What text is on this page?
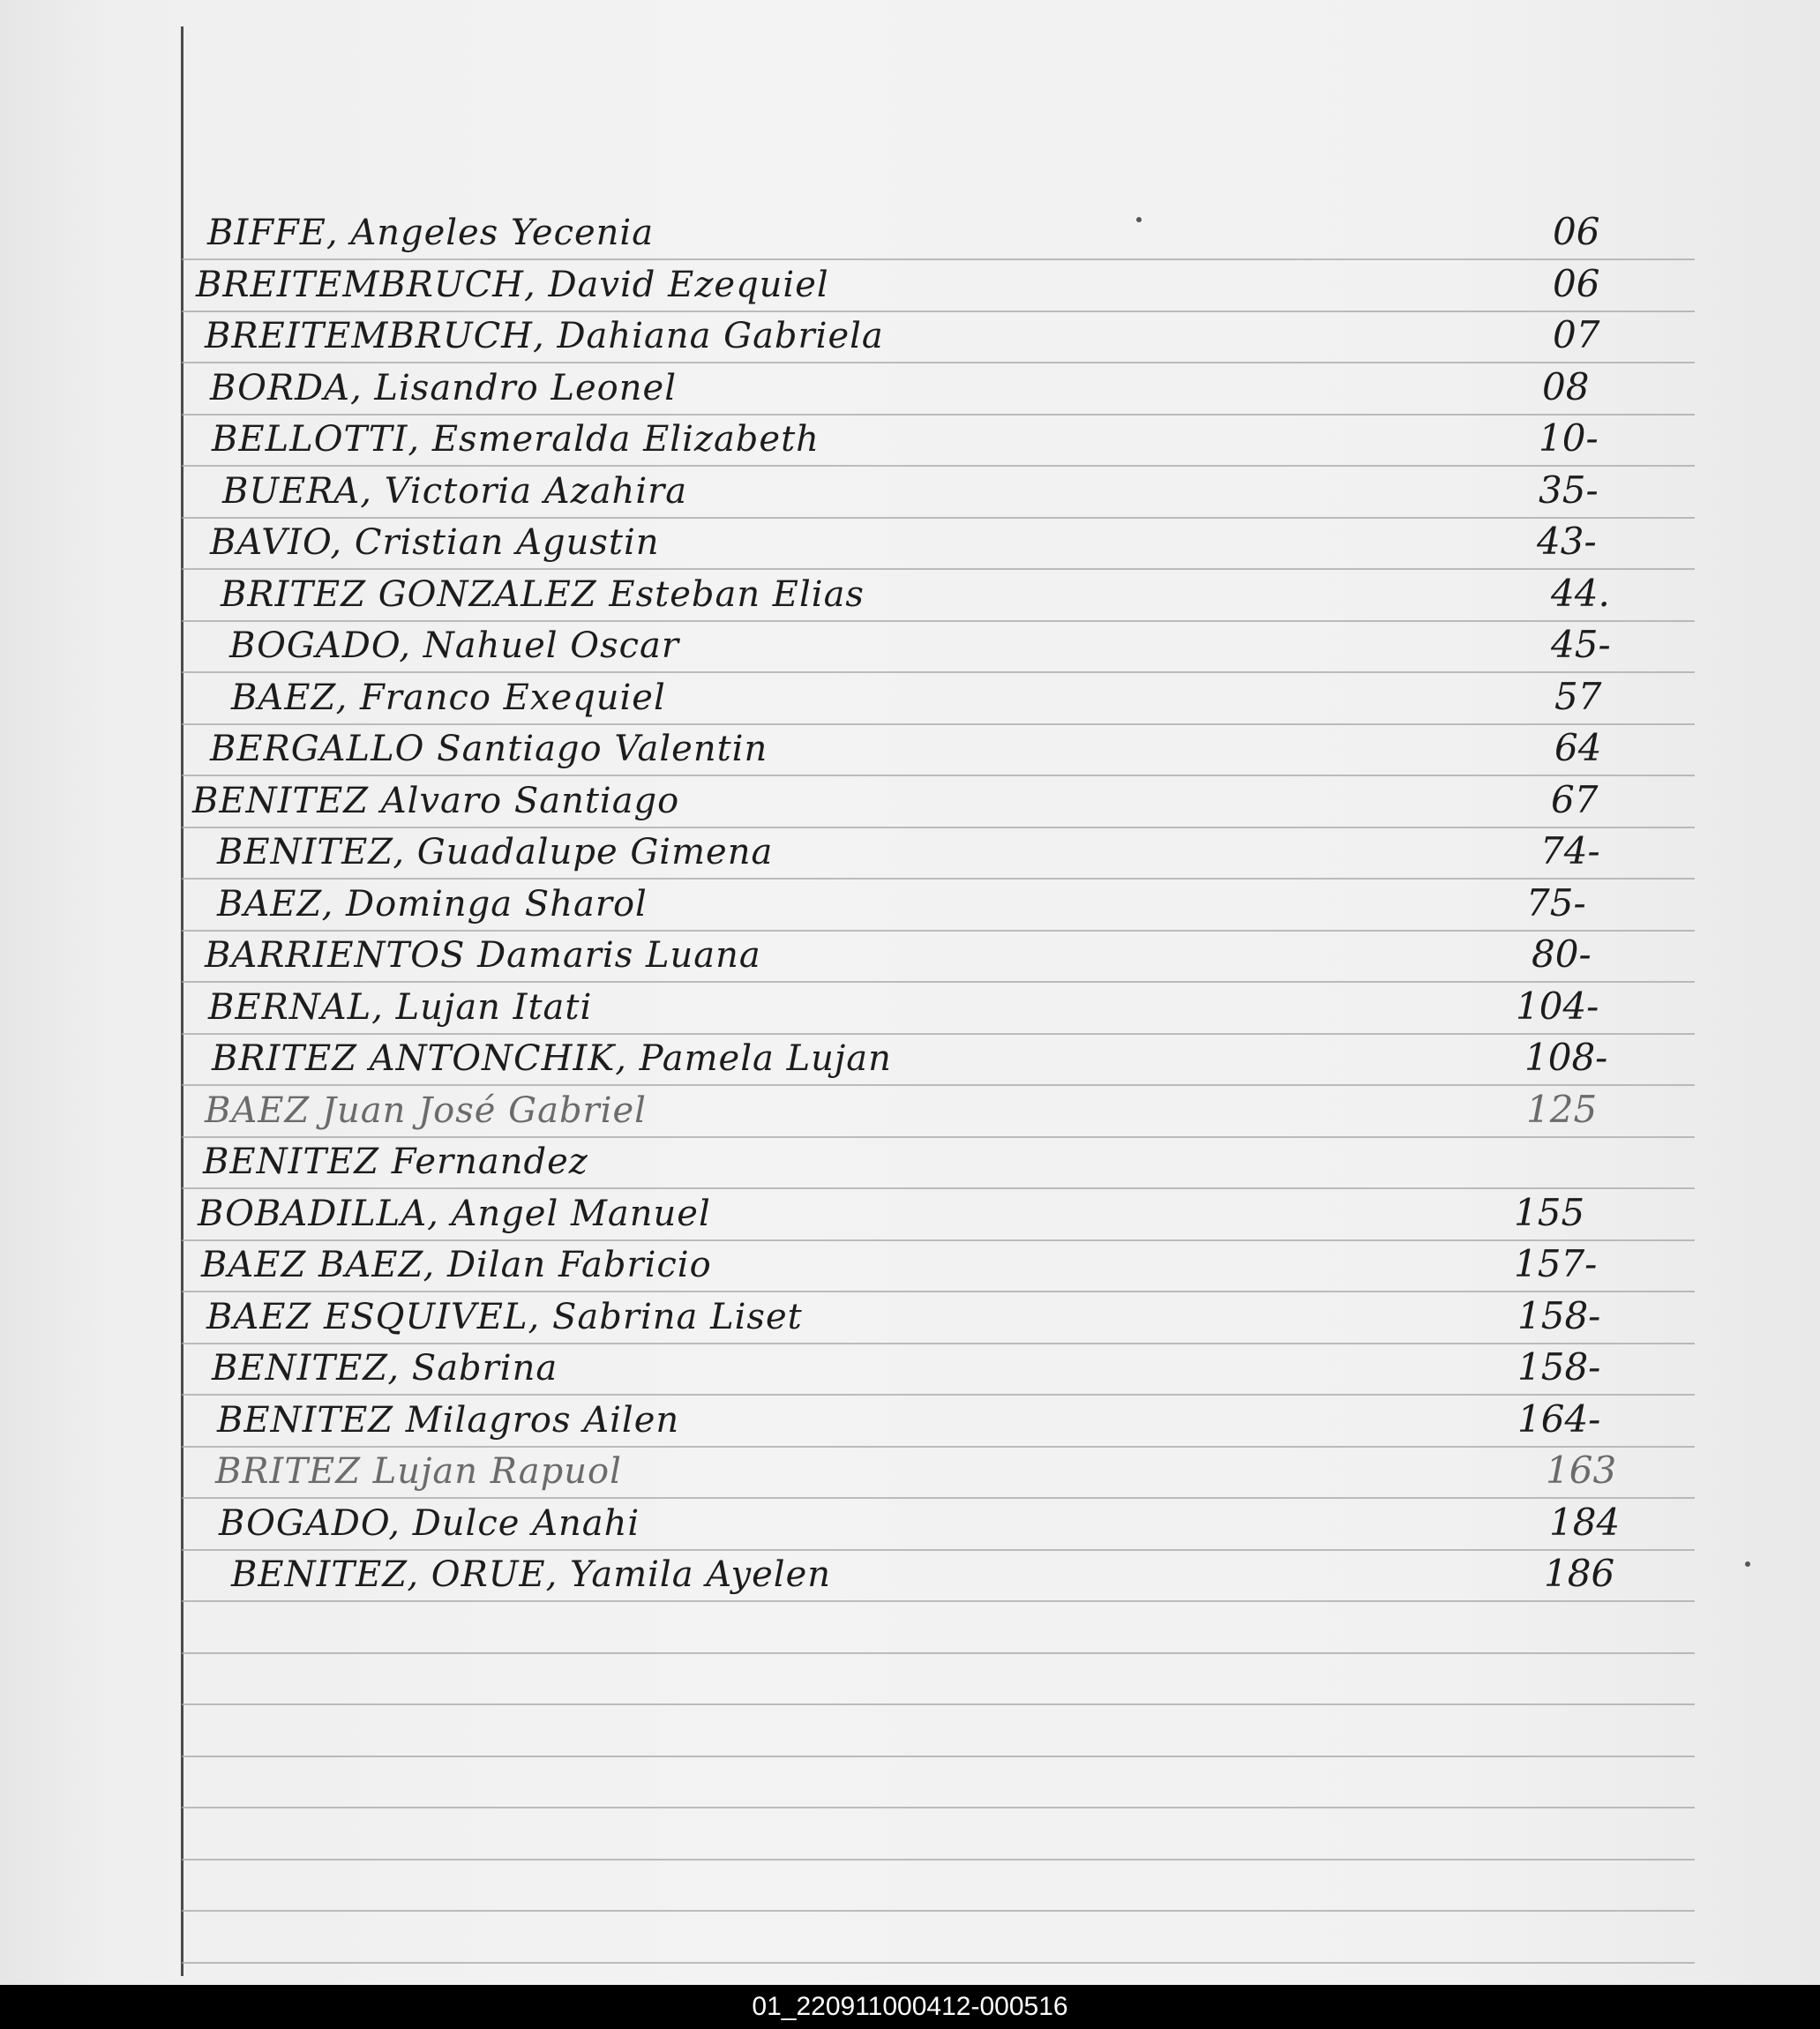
BIFFE, Angeles Yecenia	06
BREITEMBRUCH, David Ezequiel	06
BREITEMBRUCH, Dahiana Gabriela	07
BORDA, Lisandro Leonel	08
BELLOTTI, Esmeralda Elizabeth	10-
BUERA, Victoria Azahira	35-
BAVIO, Cristian Agustin	43-
BRITEZ GONZALEZ Esteban Elias	44.
BOGADO, Nahuel Oscar	45-
BAEZ, Franco Exequiel	57
BERGALLO Santiago Valentin	64
BENITEZ Alvaro Santiago	67
BENITEZ, Guadalupe Gimena	74-
BAEZ, Dominga Sharol	75-
BARRIENTOS Damaris Luana	80-
BERNAL, Lujan Itati	104-
BRITEZ ANTONCHIK, Pamela Lujan	108-
BAEZ Juan José Gabriel	125
BENITEZ Fernandez
BOBADILLA, Angel Manuel	155
BAEZ BAEZ, Dilan Fabricio	157-
BAEZ ESQUIVEL, Sabrina Liset	158-
BENITEZ, Sabrina	158-
BENITEZ Milagros Ailen	164-
BRITEZ Lujan Rapuol	163
BOGADO, Dulce Anahi	184
BENITEZ, ORUE, Yamila Ayelen	186
01_220911000412-000516
